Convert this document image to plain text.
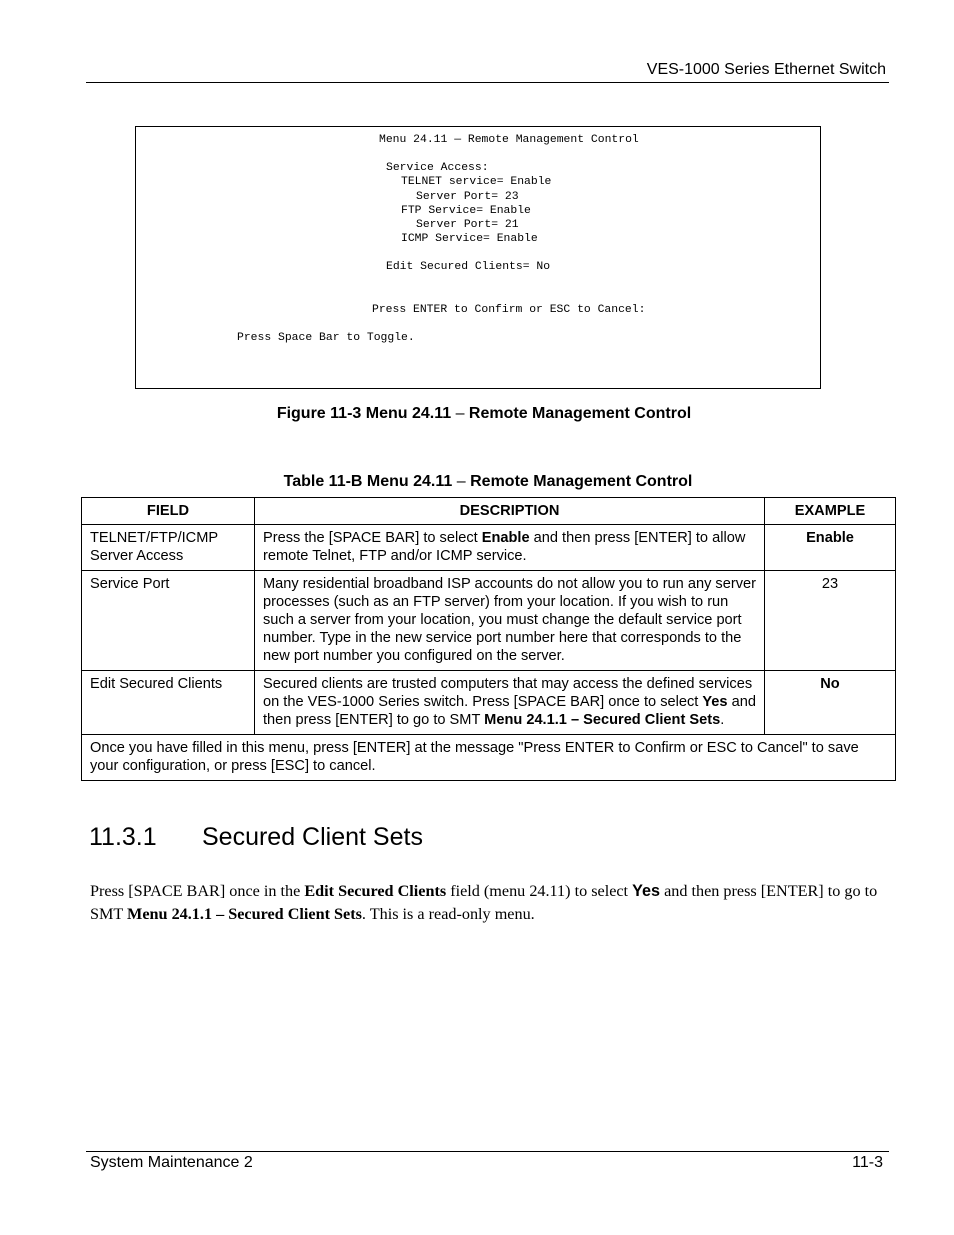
VES-1000 Series Ethernet Switch
Menu 24.11 — Remote Management Control
Service Access:
TELNET service= Enable
Server Port= 23
FTP Service= Enable
Server Port= 21
ICMP Service= Enable
Edit Secured Clients= No
Press ENTER to Confirm or ESC to Cancel:
Press Space Bar to Toggle.
Figure 11-3 Menu 24.11 – Remote Management Control
Table 11-B Menu 24.11 – Remote Management Control
FIELD	DESCRIPTION	EXAMPLE
TELNET/FTP/ICMP Server Access	Press the [SPACE BAR] to select Enable and then press [ENTER] to allow remote Telnet, FTP and/or ICMP service.	Enable
Service Port	Many residential broadband ISP accounts do not allow you to run any server processes (such as an FTP server) from your location. If you wish to run such a server from your location, you must change the default service port number. Type in the new service port number here that corresponds to the new port number you configured on the server.	23
Edit Secured Clients	Secured clients are trusted computers that may access the defined services on the VES-1000 Series switch. Press [SPACE BAR] once to select Yes and then press [ENTER] to go to SMT Menu 24.1.1 – Secured Client Sets.	No
Once you have filled in this menu, press [ENTER] at the message "Press ENTER to Confirm or ESC to Cancel" to save your configuration, or press [ESC] to cancel.		
11.3.1 Secured Client Sets
Press [SPACE BAR] once in the Edit Secured Clients field (menu 24.11) to select Yes and then press [ENTER] to go to SMT Menu 24.1.1 – Secured Client Sets. This is a read-only menu.
System Maintenance 2	11-3
